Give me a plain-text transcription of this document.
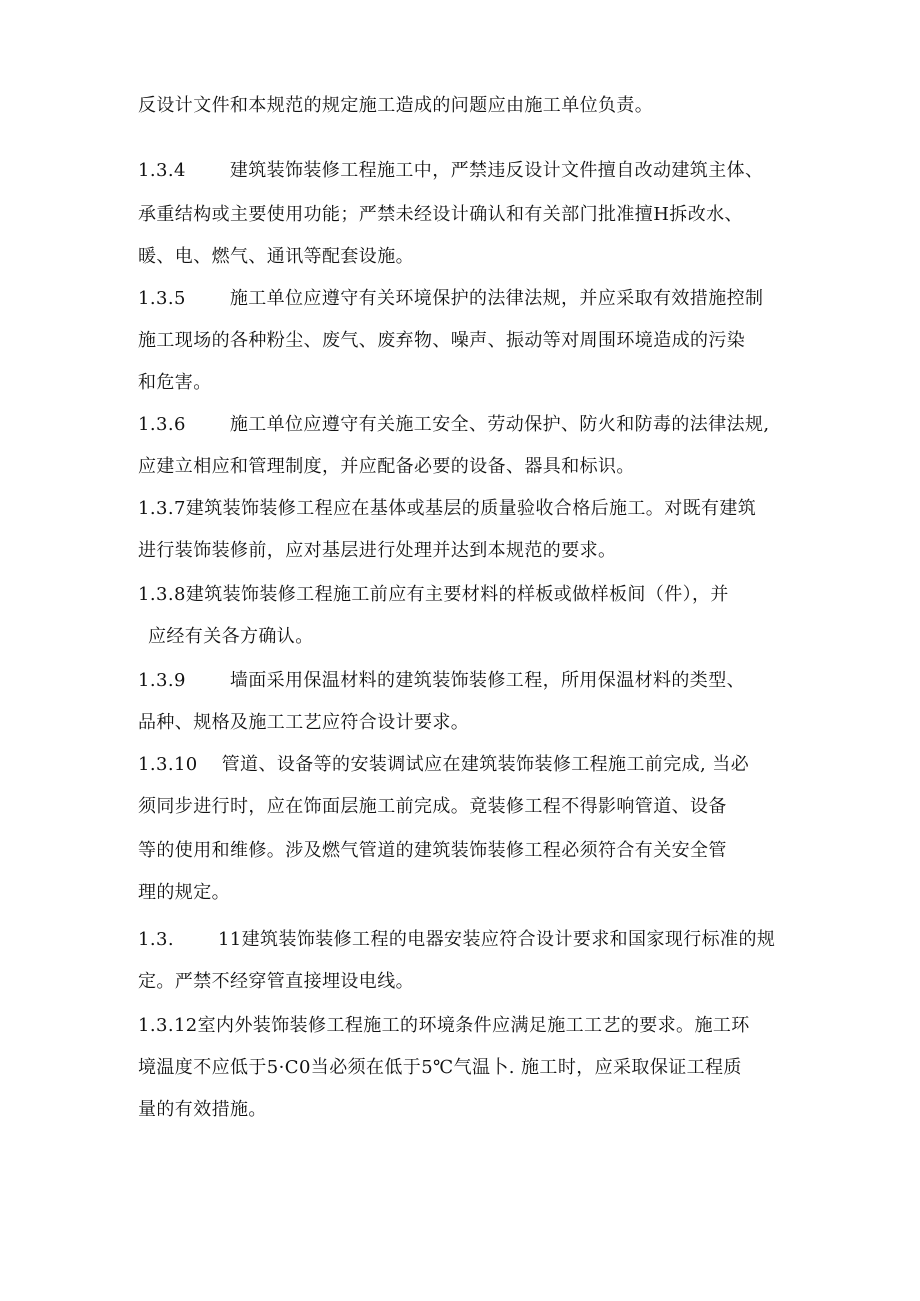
反设计文件和本规范的规定施工造成的问题应由施工单位负责。
1.3.4 建筑装饰装修工程施工中，严禁违反设计文件擅自改动建筑主体、
承重结构或主要使用功能；严禁未经设计确认和有关部门批准擅H拆改水、
暖、电、燃气、通讯等配套设施。
1.3.5 施工单位应遵守有关环境保护的法律法规，并应采取有效措施控制
施工现场的各种粉尘、废气、废弃物、噪声、振动等对周围环境造成的污染
和危害。
1.3.6 施工单位应遵守有关施工安全、劳动保护、防火和防毒的法律法规,
应建立相应和管理制度，并应配备必要的设备、器具和标识。
1.3.7建筑装饰装修工程应在基体或基层的质量验收合格后施工。对既有建筑
进行装饰装修前，应对基层进行处理并达到本规范的要求。
1.3.8建筑装饰装修工程施工前应有主要材料的样板或做样板间（件），并
应经有关各方确认。
1.3.9 墙面采用保温材料的建筑装饰装修工程，所用保温材料的类型、
品种、规格及施工工艺应符合设计要求。
1.3.10 管道、设备等的安装调试应在建筑装饰装修工程施工前完成, 当必
须同步进行时，应在饰面层施工前完成。竟装修工程不得影响管道、设备
等的使用和维修。涉及燃气管道的建筑装饰装修工程必须符合有关安全管
理的规定。
1.3. 11建筑装饰装修工程的电器安装应符合设计要求和国家现行标准的规
定。严禁不经穿管直接埋设电线。
1.3.12室内外装饰装修工程施工的环境条件应满足施工工艺的要求。施工环
境温度不应低于5·C0当必须在低于5℃气温卜. 施工时，应采取保证工程质
量的有效措施。
